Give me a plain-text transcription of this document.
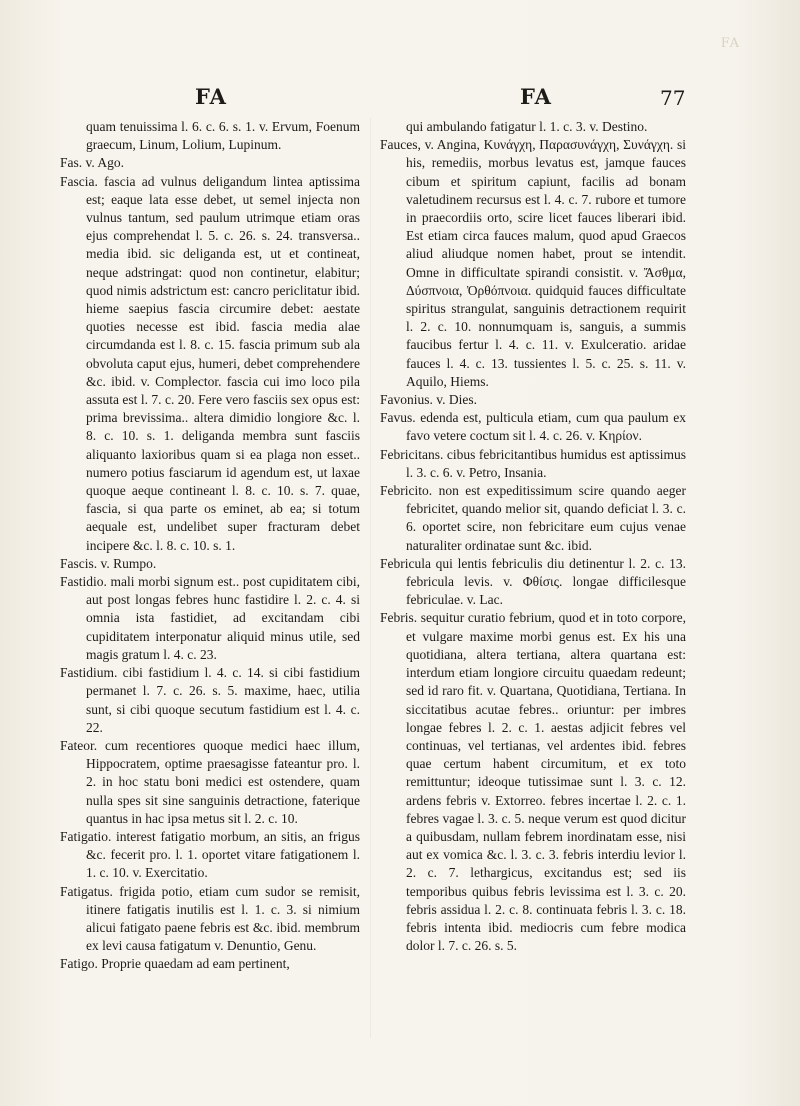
FA
FA	FA	77

quam tenuissima l. 6. c. 6. s. 1. v. Ervum, Foenum graecum, Linum, Lolium, Lupinum.

Fas. v. Ago.

Fascia. fascia ad vulnus deligandum lintea aptissima est; eaque lata esse debet, ut semel injecta non vulnus tantum, sed paulum utrimque etiam oras ejus comprehendat l. 5. c. 26. s. 24. transversa.. media ibid. sic deliganda est, ut et contineat, neque adstringat: quod non continetur, elabitur; quod nimis adstrictum est: cancro periclitatur ibid. hieme saepius fascia circumire debet: aestate quoties necesse est ibid. fascia media alae circumdanda est l. 8. c. 15. fascia primum sub ala obvoluta caput ejus, humeri, debet comprehendere &c. ibid. v. Complector. fascia cui imo loco pila assuta est l. 7. c. 20. Fere vero fasciis sex opus est: prima brevissima.. altera dimidio longiore &c. l. 8. c. 10. s. 1. deliganda membra sunt fasciis aliquanto laxioribus quam si ea plaga non esset.. numero potius fasciarum id agendum est, ut laxae quoque aeque contineant l. 8. c. 10. s. 7. quae, fascia, si qua parte os eminet, ab ea; si totum aequale est, undelibet super fracturam debet incipere &c. l. 8. c. 10. s. 1.

Fascis. v. Rumpo.

Fastidio. mali morbi signum est.. post cupiditatem cibi, aut post longas febres hunc fastidire l. 2. c. 4. si omnia ista fastidiet, ad excitandam cibi cupiditatem interponatur aliquid minus utile, sed magis gratum l. 4. c. 23.

Fastidium. cibi fastidium l. 4. c. 14. si cibi fastidium permanet l. 7. c. 26. s. 5. maxime, haec, utilia sunt, si cibi quoque secutum fastidium est l. 4. c. 22.

Fateor. cum recentiores quoque medici haec illum, Hippocratem, optime praesagisse fateantur pro. l. 2. in hoc statu boni medici est ostendere, quam nulla spes sit sine sanguinis detractione, faterique quantus in hac ipsa metus sit l. 2. c. 10.

Fatigatio. interest fatigatio morbum, an sitis, an frigus &c. fecerit pro. l. 1. oportet vitare fatigationem l. 1. c. 10. v. Exercitatio.

Fatigatus. frigida potio, etiam cum sudor se remisit, itinere fatigatis inutilis est l. 1. c. 3. si nimium alicui fatigato paene febris est &c. ibid. membrum ex levi causa fatigatum v. Denuntio, Genu.

Fatigo. Proprie quaedam ad eam pertinent,

qui ambulando fatigatur l. 1. c. 3. v. Destino.

Fauces, v. Angina, Κυνάγχη, Παρασυνάγχη, Συνάγχη. si his, remediis, morbus levatus est, jamque fauces cibum et spiritum capiunt, facilis ad bonam valetudinem recursus est l. 4. c. 7. rubore et tumore in praecordiis orto, scire licet fauces liberari ibid. Est etiam circa fauces malum, quod apud Graecos aliud aliudque nomen habet, prout se intendit. Omne in difficultate spirandi consistit. v. Ἄσθμα, Δύσπνοια, Ὀρθόπνοια. quidquid fauces difficultate spiritus strangulat, sanguinis detractionem requirit l. 2. c. 10. nonnumquam is, sanguis, a summis faucibus fertur l. 4. c. 11. v. Exulceratio. aridae fauces l. 4. c. 13. tussientes l. 5. c. 25. s. 11. v. Aquilo, Hiems.

Favonius. v. Dies.

Favus. edenda est, pulticula etiam, cum qua paulum ex favo vetere coctum sit l. 4. c. 26. v. Κηρίον.

Febricitans. cibus febricitantibus humidus est aptissimus l. 3. c. 6. v. Petro, Insania.

Febricito. non est expeditissimum scire quando aeger febricitet, quando melior sit, quando deficiat l. 3. c. 6. oportet scire, non febricitare eum cujus venae naturaliter ordinatae sunt &c. ibid.

Febricula qui lentis febriculis diu detinentur l. 2. c. 13. febricula levis. v. Φθίσις. longae difficilesque febriculae. v. Lac.

Febris. sequitur curatio febrium, quod et in toto corpore, et vulgare maxime morbi genus est. Ex his una quotidiana, altera tertiana, altera quartana est: interdum etiam longiore circuitu quaedam redeunt; sed id raro fit. v. Quartana, Quotidiana, Tertiana. In siccitatibus acutae febres.. oriuntur: per imbres longae febres l. 2. c. 1. aestas adjicit febres vel continuas, vel tertianas, vel ardentes ibid. febres quae certum habent circumitum, et ex toto remittuntur; ideoque tutissimae sunt l. 3. c. 12. ardens febris v. Extorreo. febres incertae l. 2. c. 1. febres vagae l. 3. c. 5. neque verum est quod dicitur a quibusdam, nullam febrem inordinatam esse, nisi aut ex vomica &c. l. 3. c. 3. febris interdiu levior l. 2. c. 7. lethargicus, excitandus est; sed iis temporibus quibus febris levissima est l. 3. c. 20. febris assidua l. 2. c. 8. continuata febris l. 3. c. 18. febris intenta ibid. mediocris cum febre modica dolor l. 7. c. 26. s. 5.
